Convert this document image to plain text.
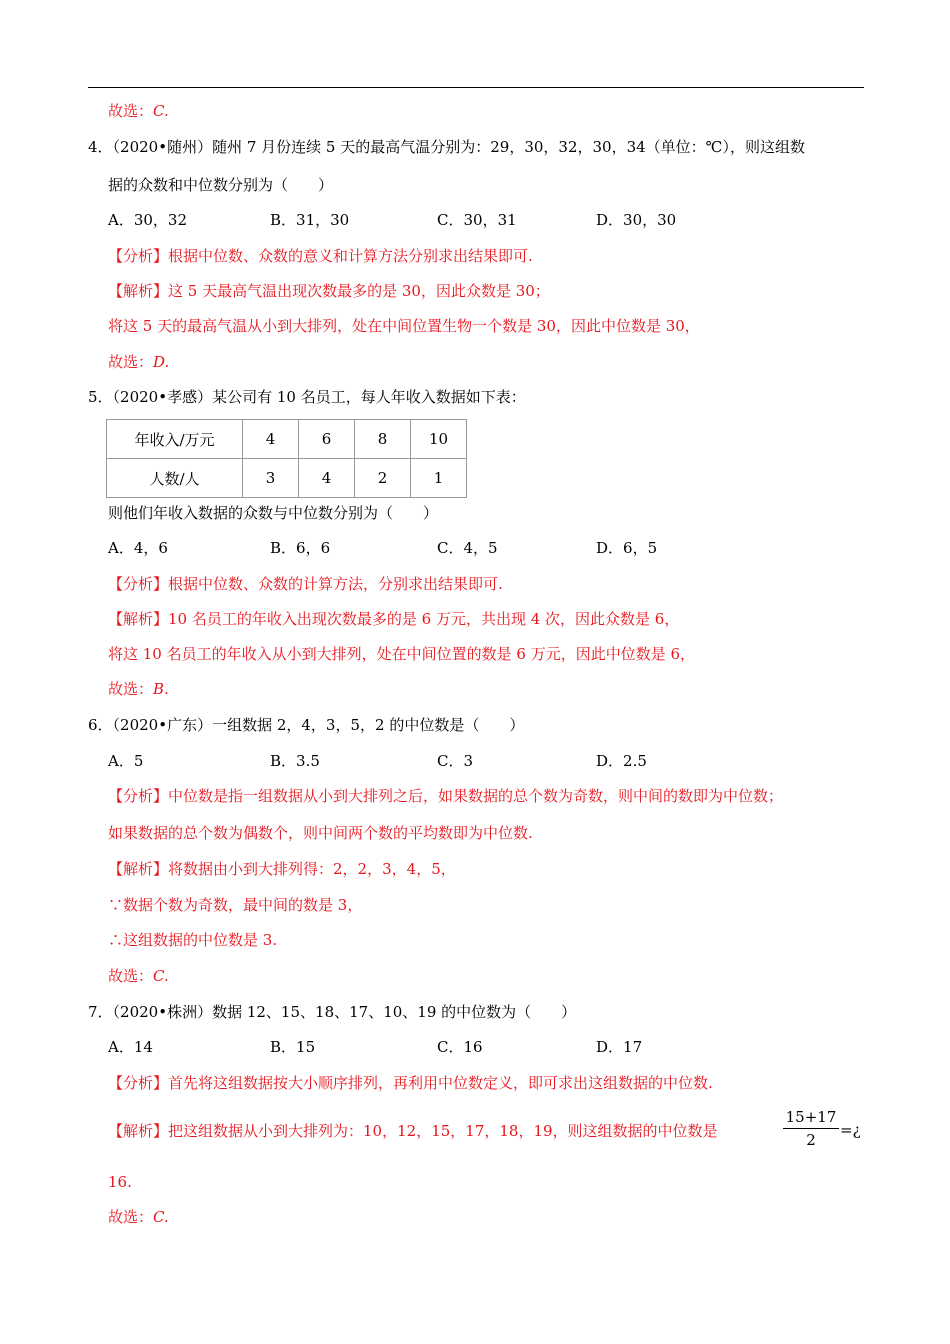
故选：C.
4．（2020•随州）随州 7 月份连续 5 天的最高气温分别为：29，30，32，30，34（单位：℃），则这组数
据的众数和中位数分别为（　　）
A．30，32	B．31，30	C．30，31	D．30，30
【分析】根据中位数、众数的意义和计算方法分别求出结果即可.
【解析】这 5 天最高气温出现次数最多的是 30，因此众数是 30；
将这 5 天的最高气温从小到大排列，处在中间位置生物一个数是 30，因此中位数是 30，
故选：D.
5．（2020•孝感）某公司有 10 名员工，每人年收入数据如下表：
年收入/万元	4	6	8	10
人数/人	3	4	2	1
则他们年收入数据的众数与中位数分别为（　　）
A．4，6	B．6，6	C．4，5	D．6，5
【分析】根据中位数、众数的计算方法，分别求出结果即可.
【解析】10 名员工的年收入出现次数最多的是 6 万元，共出现 4 次，因此众数是 6，
将这 10 名员工的年收入从小到大排列，处在中间位置的数是 6 万元，因此中位数是 6，
故选：B.
6．（2020•广东）一组数据 2，4，3，5，2 的中位数是（　　）
A．5	B．3.5	C．3	D．2.5
【分析】中位数是指一组数据从小到大排列之后，如果数据的总个数为奇数，则中间的数即为中位数；
如果数据的总个数为偶数个，则中间两个数的平均数即为中位数.
【解析】将数据由小到大排列得：2，2，3，4，5，
∵数据个数为奇数，最中间的数是 3，
∴这组数据的中位数是 3.
故选：C.
7．（2020•株洲）数据 12、15、18、17、10、19 的中位数为（　　）
A．14	B．15	C．16	D．17
【分析】首先将这组数据按大小顺序排列，再利用中位数定义，即可求出这组数据的中位数.
【解析】把这组数据从小到大排列为：10，12，15，17，18，19，则这组数据的中位数是	$\frac{15+17}{2}$ =¿
16.
故选：C.
